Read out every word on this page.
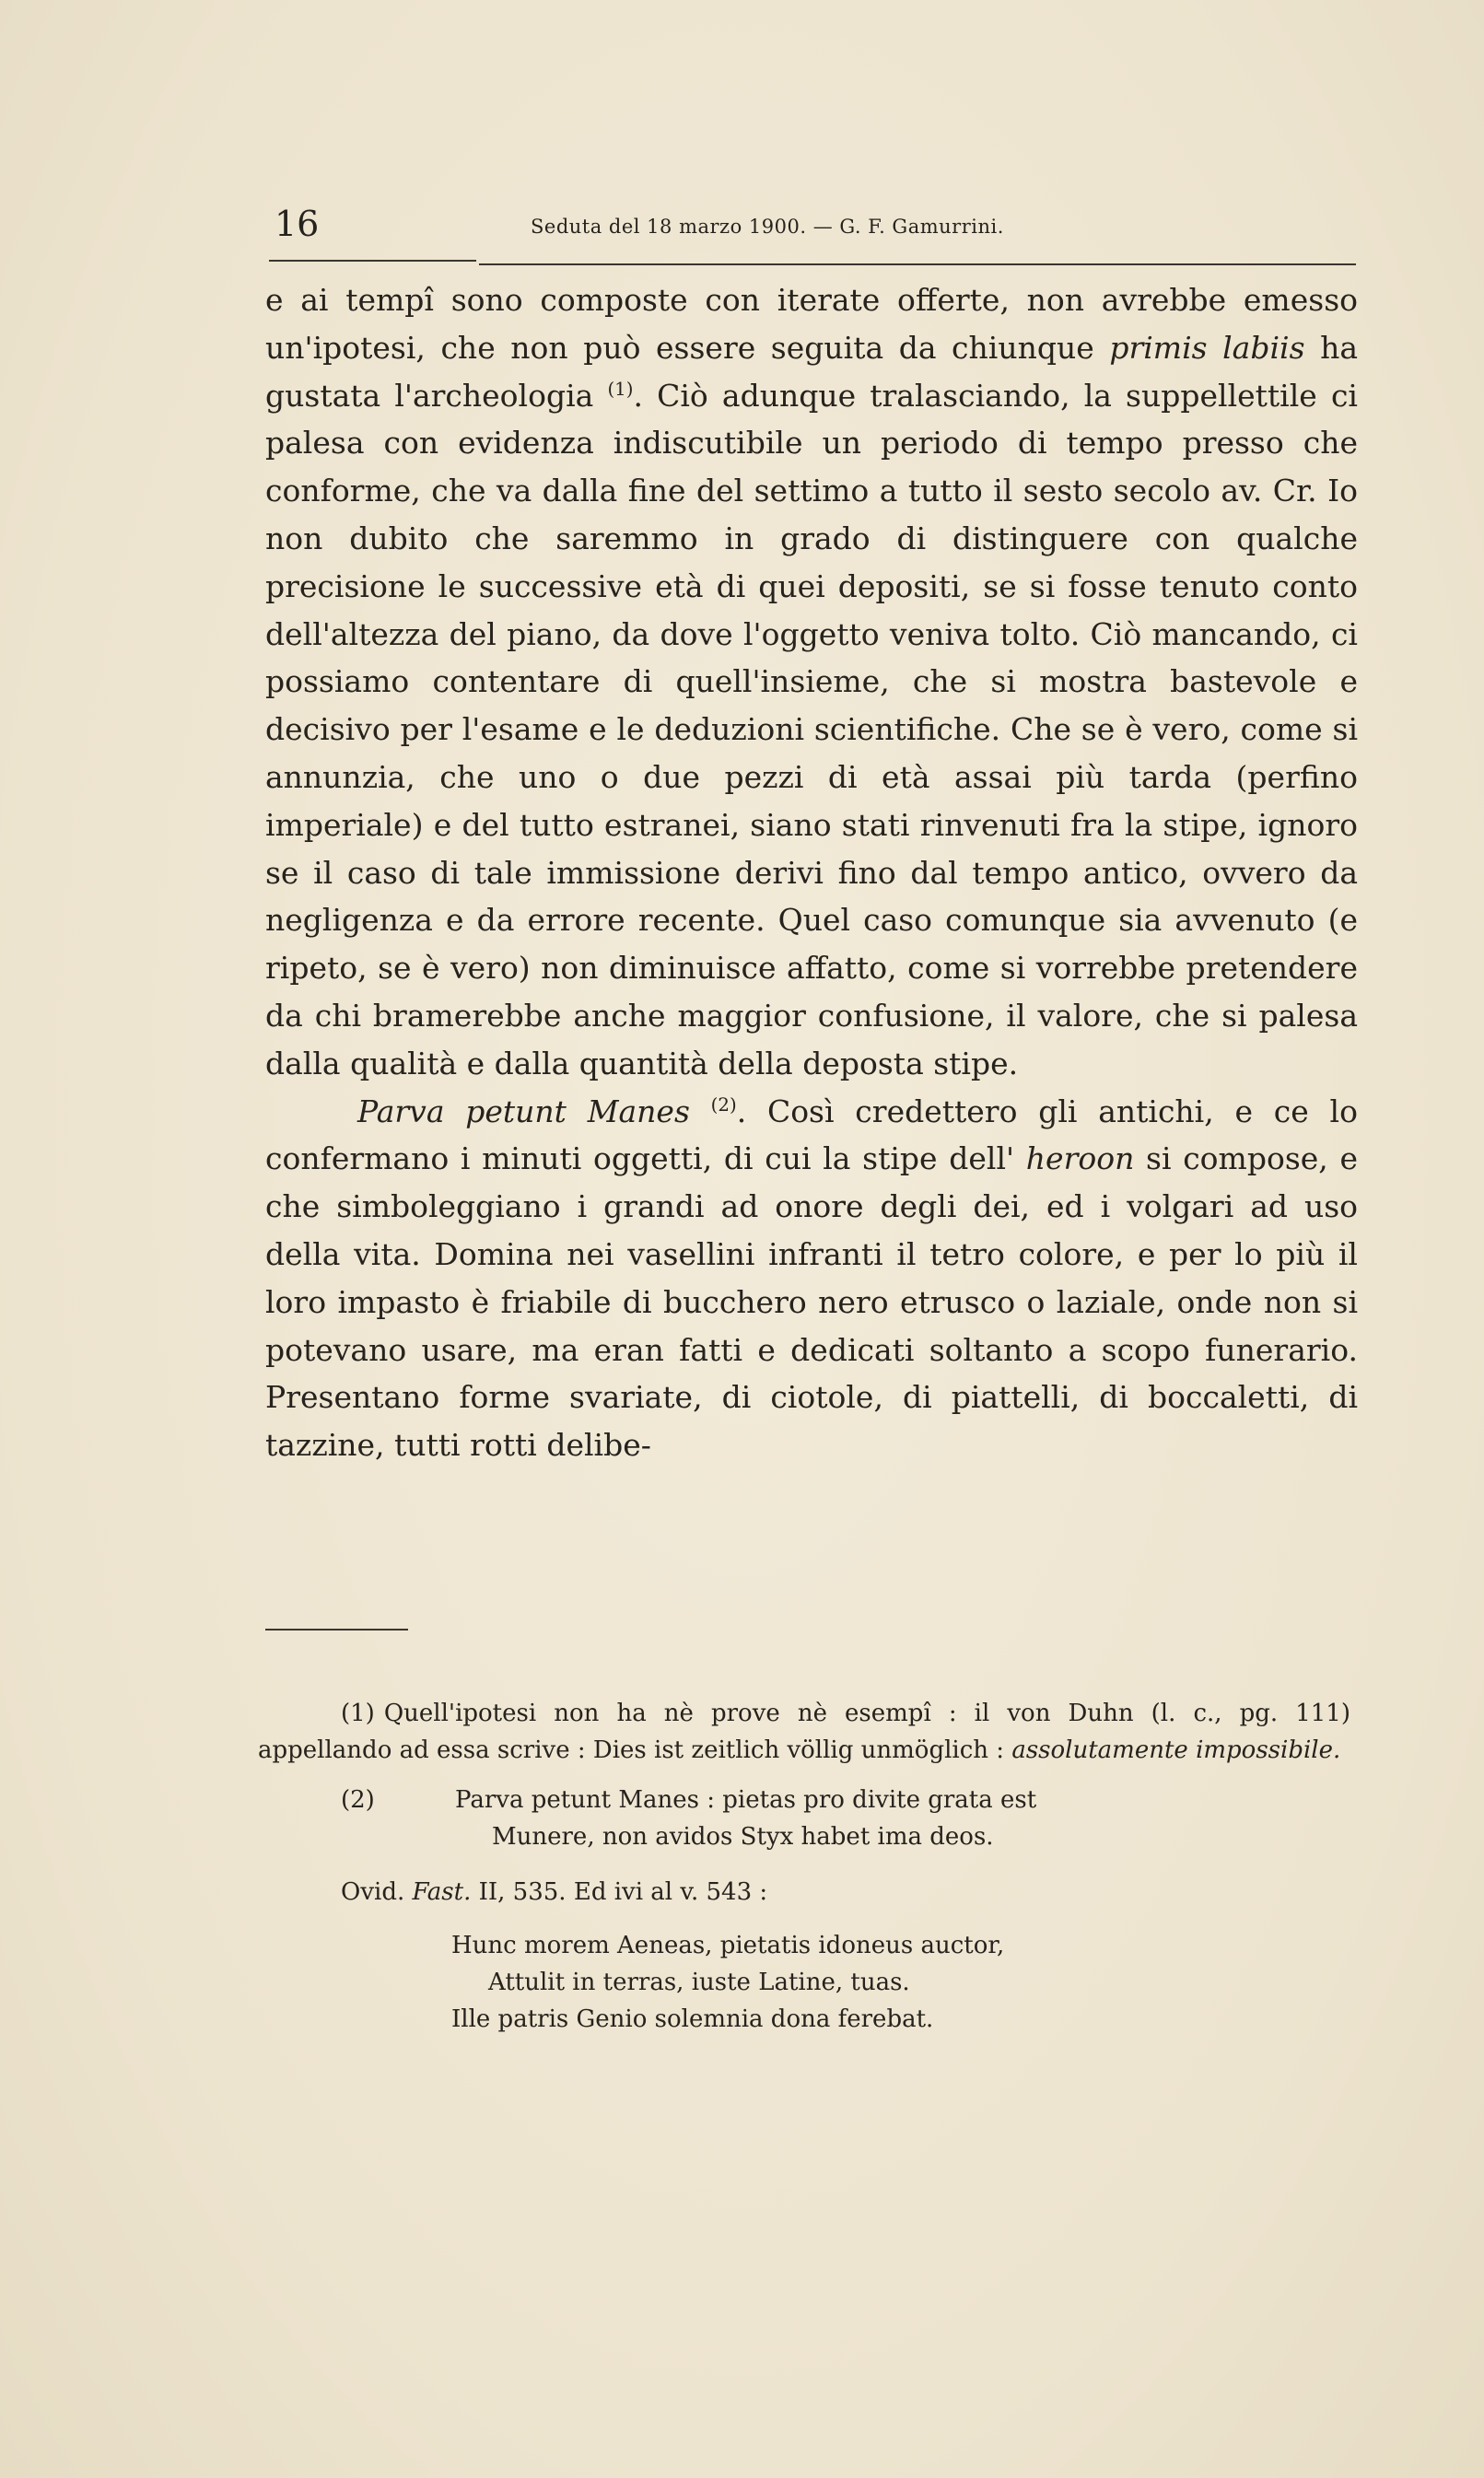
16	Seduta del 18 marzo 1900. — G. F. Gamurrini.

e ai tempî sono composte con iterate offerte, non avrebbe emesso un'ipotesi, che non può essere seguita da chiunque primis labiis ha gustata l'archeologia $^{(1)}$. Ciò adunque tralasciando, la suppellettile ci palesa con evidenza indiscutibile un periodo di tempo presso che conforme, che va dalla fine del settimo a tutto il sesto secolo av. Cr. Io non dubito che saremmo in grado di distinguere con qualche precisione le successive età di quei depositi, se si fosse tenuto conto dell'altezza del piano, da dove l'oggetto veniva tolto. Ciò mancando, ci possiamo contentare di quell'insieme, che si mostra bastevole e decisivo per l'esame e le deduzioni scientifiche. Che se è vero, come si annunzia, che uno o due pezzi di età assai più tarda (perfino imperiale) e del tutto estranei, siano stati rinvenuti fra la stipe, ignoro se il caso di tale immissione derivi fino dal tempo antico, ovvero da negligenza e da errore recente. Quel caso comunque sia avvenuto (e ripeto, se è vero) non diminuisce affatto, come si vorrebbe pretendere da chi bramerebbe anche maggior confusione, il valore, che si palesa dalla qualità e dalla quantità della deposta stipe.

Parva petunt Manes $^{(2)}$. Così credettero gli antichi, e ce lo confermano i minuti oggetti, di cui la stipe dell' heroon si compose, e che simboleggiano i grandi ad onore degli dei, ed i volgari ad uso della vita. Domina nei vasellini infranti il tetro colore, e per lo più il loro impasto è friabile di bucchero nero etrusco o laziale, onde non si potevano usare, ma eran fatti e dedicati soltanto a scopo funerario. Presentano forme svariate, di ciotole, di piattelli, di boccaletti, di tazzine, tutti rotti delibe-

(1) Quell'ipotesi non ha nè prove nè esempî : il von Duhn (l. c., pg. 111) appellando ad essa scrive : Dies ist zeitlich völlig unmöglich : assolutamente impossibile.

(2)	Parva petunt Manes : pietas pro divite grata est

Munere, non avidos Styx habet ima deos.

Ovid. Fast. II, 535. Ed ivi al v. 543 :

Hunc morem Aeneas, pietatis idoneus auctor,

Attulit in terras, iuste Latine, tuas.

Ille patris Genio solemnia dona ferebat.
